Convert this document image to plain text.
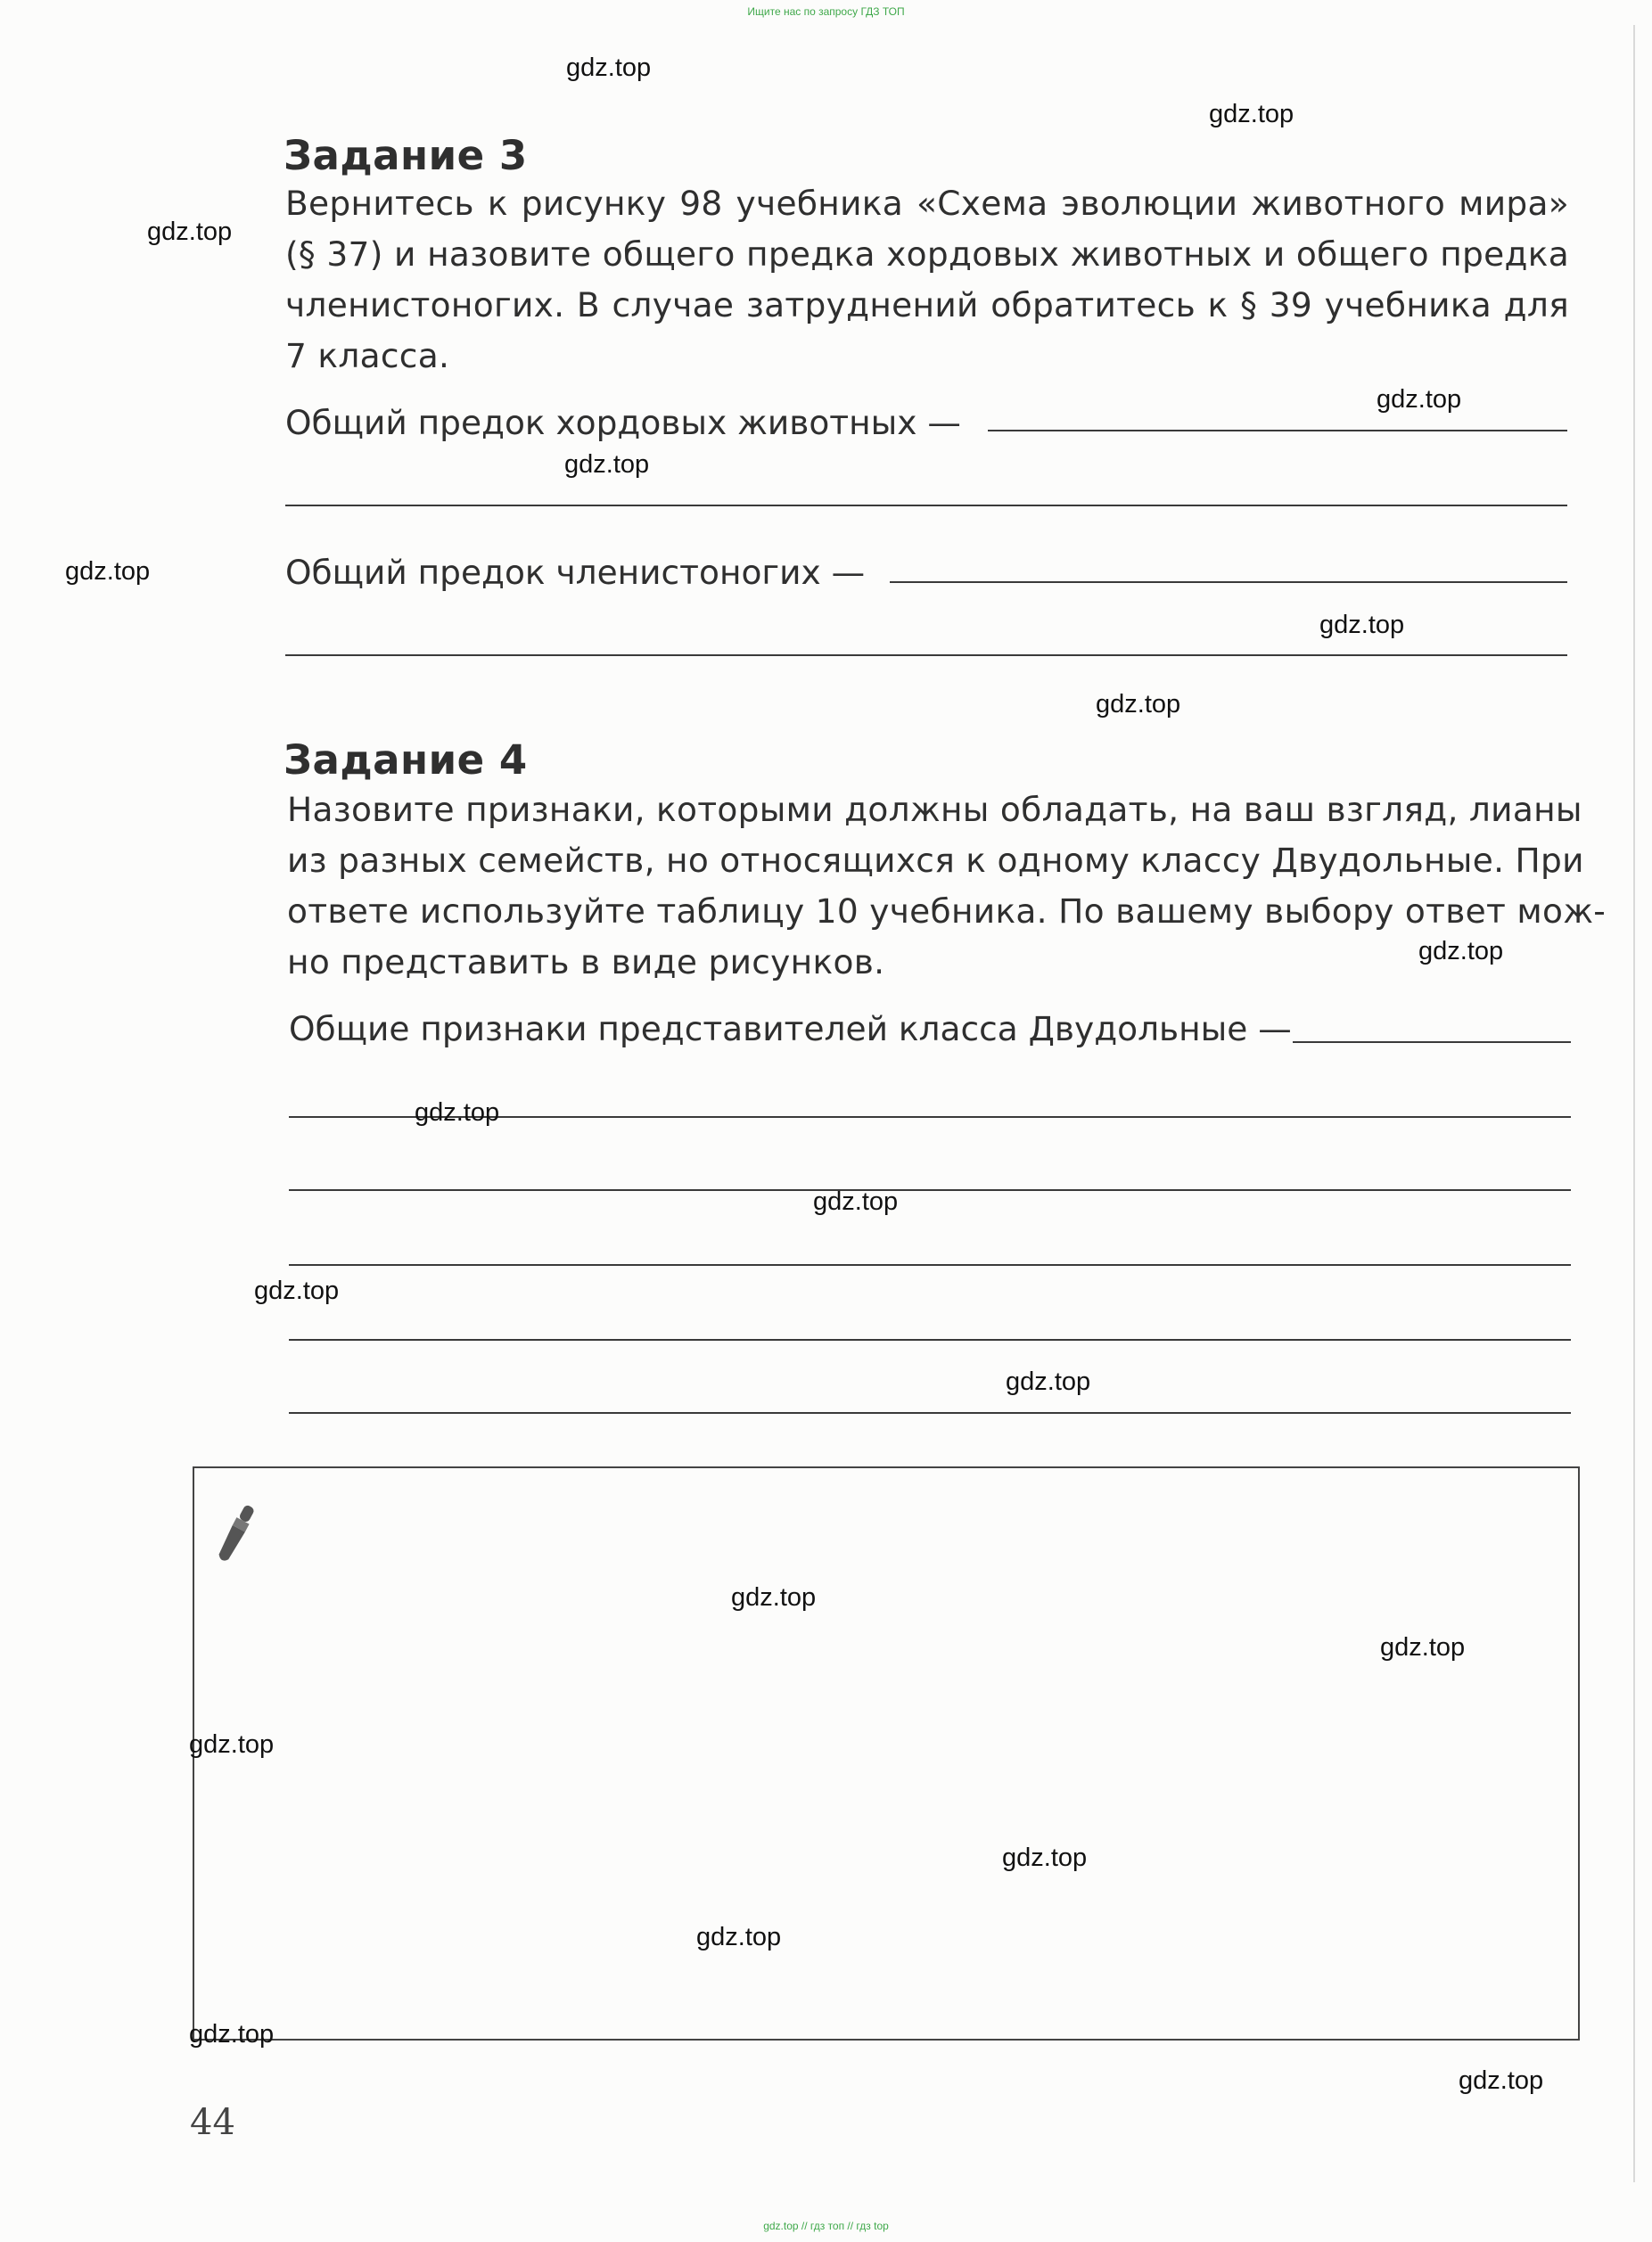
Ищите нас по запросу ГДЗ ТОП

Задание 3
Вернитесь к рисунку 98 учебника «Схема эволюции животного мира»
(§ 37) и назовите общего предка хордовых животных и общего предка
членистоногих. В случае затруднений обратитесь к § 39 учебника для
7 класса.
Общий предок хордовых животных —
Общий предок членистоногих —
Задание 4
Назовите признаки, которыми должны обладать, на ваш взгляд, лианы
из разных семейств, но относящихся к одному классу Двудольные. При
ответе используйте таблицу 10 учебника. По вашему выбору ответ мож-
но представить в виде рисунков.
Общие признаки представителей класса Двудольные —
44
gdz.top
gdz.top
gdz.top
gdz.top
gdz.top
gdz.top
gdz.top
gdz.top
gdz.top
gdz.top
gdz.top
gdz.top
gdz.top
gdz.top
gdz.top
gdz.top
gdz.top
gdz.top
gdz.top
gdz.top
gdz.top // гдз топ // гдз top
